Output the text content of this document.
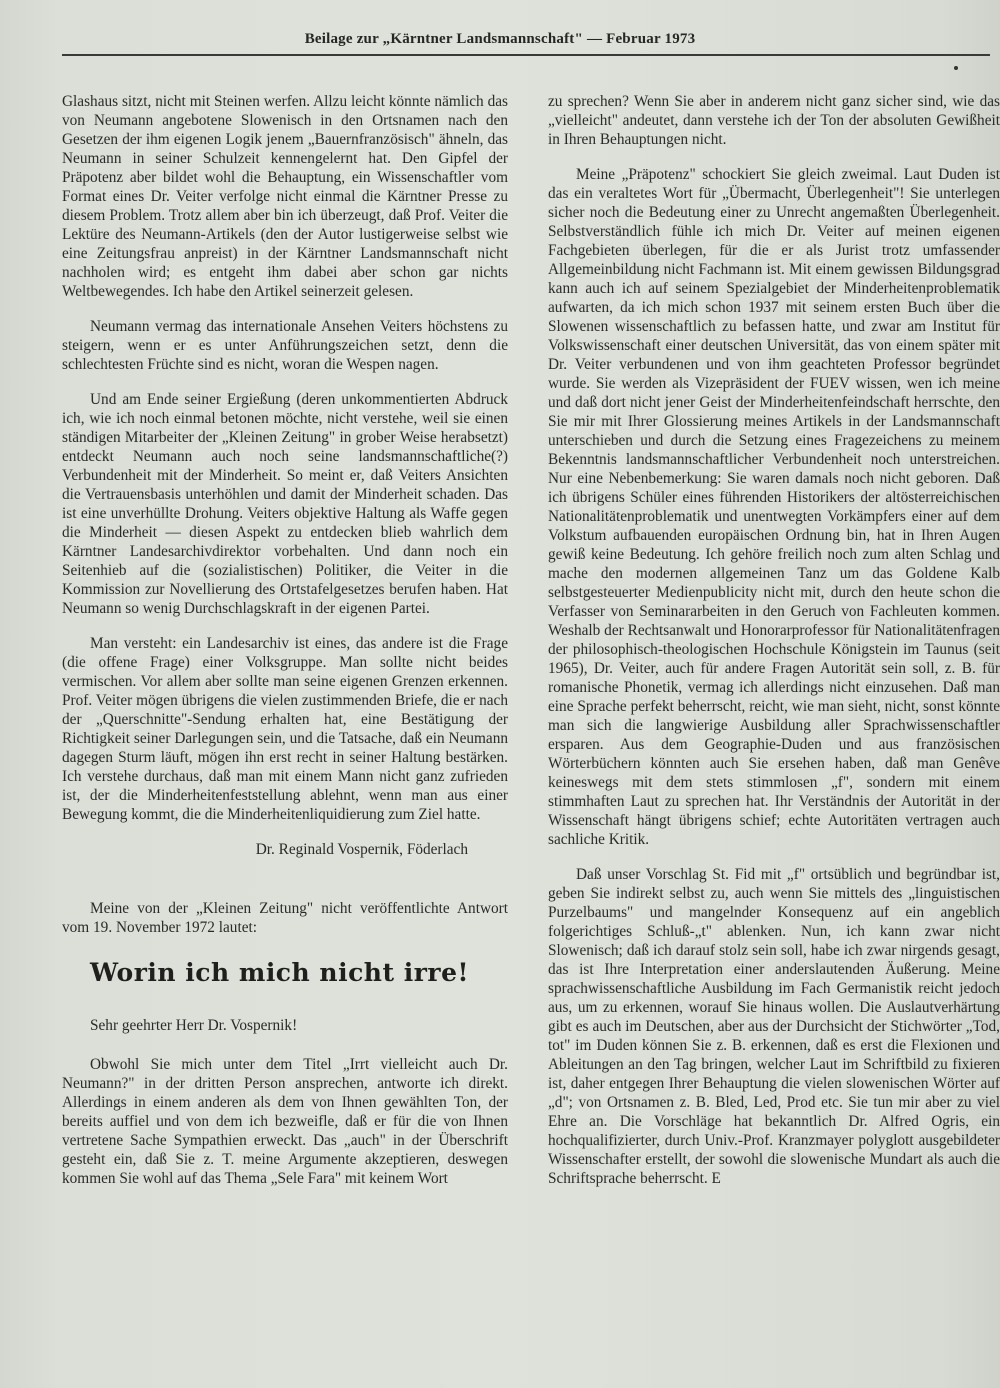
Beilage zur „Kärntner Landsmannschaft" — Februar 1973

Glashaus sitzt, nicht mit Steinen werfen. Allzu leicht könnte nämlich das von Neumann angebotene Slowenisch in den Ortsnamen nach den Gesetzen der ihm eigenen Logik jenem „Bauernfranzösisch" ähneln, das Neumann in seiner Schulzeit kennengelernt hat. Den Gipfel der Präpotenz aber bildet wohl die Behauptung, ein Wissenschaftler vom Format eines Dr. Veiter verfolge nicht einmal die Kärntner Presse zu diesem Problem. Trotz allem aber bin ich überzeugt, daß Prof. Veiter die Lektüre des Neumann-Artikels (den der Autor lustigerweise selbst wie eine Zeitungsfrau anpreist) in der Kärntner Landsmannschaft nicht nachholen wird; es entgeht ihm dabei aber schon gar nichts Weltbewegendes. Ich habe den Artikel seinerzeit gelesen.

Neumann vermag das internationale Ansehen Veiters höchstens zu steigern, wenn er es unter Anführungszeichen setzt, denn die schlechtesten Früchte sind es nicht, woran die Wespen nagen.

Und am Ende seiner Ergießung (deren unkommentierten Abdruck ich, wie ich noch einmal betonen möchte, nicht verstehe, weil sie einen ständigen Mitarbeiter der „Kleinen Zeitung" in grober Weise herabsetzt) entdeckt Neumann auch noch seine landsmannschaftliche(?) Verbundenheit mit der Minderheit. So meint er, daß Veiters Ansichten die Vertrauensbasis unterhöhlen und damit der Minderheit schaden. Das ist eine unverhüllte Drohung. Veiters objektive Haltung als Waffe gegen die Minderheit — diesen Aspekt zu entdecken blieb wahrlich dem Kärntner Landesarchivdirektor vorbehalten. Und dann noch ein Seitenhieb auf die (sozialistischen) Politiker, die Veiter in die Kommission zur Novellierung des Ortstafelgesetzes berufen haben. Hat Neumann so wenig Durchschlagskraft in der eigenen Partei.

Man versteht: ein Landesarchiv ist eines, das andere ist die Frage (die offene Frage) einer Volksgruppe. Man sollte nicht beides vermischen. Vor allem aber sollte man seine eigenen Grenzen erkennen. Prof. Veiter mögen übrigens die vielen zustimmenden Briefe, die er nach der „Querschnitte"-Sendung erhalten hat, eine Bestätigung der Richtigkeit seiner Darlegungen sein, und die Tatsache, daß ein Neumann dagegen Sturm läuft, mögen ihn erst recht in seiner Haltung bestärken. Ich verstehe durchaus, daß man mit einem Mann nicht ganz zufrieden ist, der die Minderheitenfeststellung ablehnt, wenn man aus einer Bewegung kommt, die die Minderheitenliquidierung zum Ziel hatte.

Dr. Reginald Vospernik, Föderlach

Meine von der „Kleinen Zeitung" nicht veröffentlichte Antwort vom 19. November 1972 lautet:

Worin ich mich nicht irre!

Sehr geehrter Herr Dr. Vospernik!

Obwohl Sie mich unter dem Titel „Irrt vielleicht auch Dr. Neumann?" in der dritten Person ansprechen, antworte ich direkt. Allerdings in einem anderen als dem von Ihnen gewählten Ton, der bereits auffiel und von dem ich bezweifle, daß er für die von Ihnen vertretene Sache Sympathien erweckt. Das „auch" in der Überschrift gesteht ein, daß Sie z. T. meine Argumente akzeptieren, deswegen kommen Sie wohl auf das Thema „Sele Fara" mit keinem Wort

zu sprechen? Wenn Sie aber in anderem nicht ganz sicher sind, wie das „vielleicht" andeutet, dann verstehe ich der Ton der absoluten Gewißheit in Ihren Behauptungen nicht.

Meine „Präpotenz" schockiert Sie gleich zweimal. Laut Duden ist das ein veraltetes Wort für „Übermacht, Überlegenheit"! Sie unterlegen sicher noch die Bedeutung einer zu Unrecht angemaßten Überlegenheit. Selbstverständlich fühle ich mich Dr. Veiter auf meinen eigenen Fachgebieten überlegen, für die er als Jurist trotz umfassender Allgemeinbildung nicht Fachmann ist. Mit einem gewissen Bildungsgrad kann auch ich auf seinem Spezialgebiet der Minderheitenproblematik aufwarten, da ich mich schon 1937 mit seinem ersten Buch über die Slowenen wissenschaftlich zu befassen hatte, und zwar am Institut für Volkswissenschaft einer deutschen Universität, das von einem später mit Dr. Veiter verbundenen und von ihm geachteten Professor begründet wurde. Sie werden als Vizepräsident der FUEV wissen, wen ich meine und daß dort nicht jener Geist der Minderheitenfeindschaft herrschte, den Sie mir mit Ihrer Glossierung meines Artikels in der Landsmannschaft unterschieben und durch die Setzung eines Fragezeichens zu meinem Bekenntnis landsmannschaftlicher Verbundenheit noch unterstreichen. Nur eine Nebenbemerkung: Sie waren damals noch nicht geboren. Daß ich übrigens Schüler eines führenden Historikers der altösterreichischen Nationalitätenproblematik und unentwegten Vorkämpfers einer auf dem Volkstum aufbauenden europäischen Ordnung bin, hat in Ihren Augen gewiß keine Bedeutung. Ich gehöre freilich noch zum alten Schlag und mache den modernen allgemeinen Tanz um das Goldene Kalb selbstgesteuerter Medienpublicity nicht mit, durch den heute schon die Verfasser von Seminararbeiten in den Geruch von Fachleuten kommen. Weshalb der Rechtsanwalt und Honorarprofessor für Nationalitätenfragen der philosophisch-theologischen Hochschule Königstein im Taunus (seit 1965), Dr. Veiter, auch für andere Fragen Autorität sein soll, z. B. für romanische Phonetik, vermag ich allerdings nicht einzusehen. Daß man eine Sprache perfekt beherrscht, reicht, wie man sieht, nicht, sonst könnte man sich die langwierige Ausbildung aller Sprachwissenschaftler ersparen. Aus dem Geographie-Duden und aus französischen Wörterbüchern könnten auch Sie ersehen haben, daß man Genêve keineswegs mit dem stets stimmlosen „f", sondern mit einem stimmhaften Laut zu sprechen hat. Ihr Verständnis der Autorität in der Wissenschaft hängt übrigens schief; echte Autoritäten vertragen auch sachliche Kritik.

Daß unser Vorschlag St. Fid mit „f" ortsüblich und begründbar ist, geben Sie indirekt selbst zu, auch wenn Sie mittels des „linguistischen Purzelbaums" und mangelnder Konsequenz auf ein angeblich folgerichtiges Schluß-„t" ablenken. Nun, ich kann zwar nicht Slowenisch; daß ich darauf stolz sein soll, habe ich zwar nirgends gesagt, das ist Ihre Interpretation einer anderslautenden Äußerung. Meine sprachwissenschaftliche Ausbildung im Fach Germanistik reicht jedoch aus, um zu erkennen, worauf Sie hinaus wollen. Die Auslautverhärtung gibt es auch im Deutschen, aber aus der Durchsicht der Stichwörter „Tod, tot" im Duden können Sie z. B. erkennen, daß es erst die Flexionen und Ableitungen an den Tag bringen, welcher Laut im Schriftbild zu fixieren ist, daher entgegen Ihrer Behauptung die vielen slowenischen Wörter auf „d"; von Ortsnamen z. B. Bled, Led, Prod etc. Sie tun mir aber zu viel Ehre an. Die Vorschläge hat bekanntlich Dr. Alfred Ogris, ein hochqualifizierter, durch Univ.-Prof. Kranzmayer polyglott ausgebildeter Wissenschafter erstellt, der sowohl die slowenische Mundart als auch die Schriftsprache beherrscht. E
